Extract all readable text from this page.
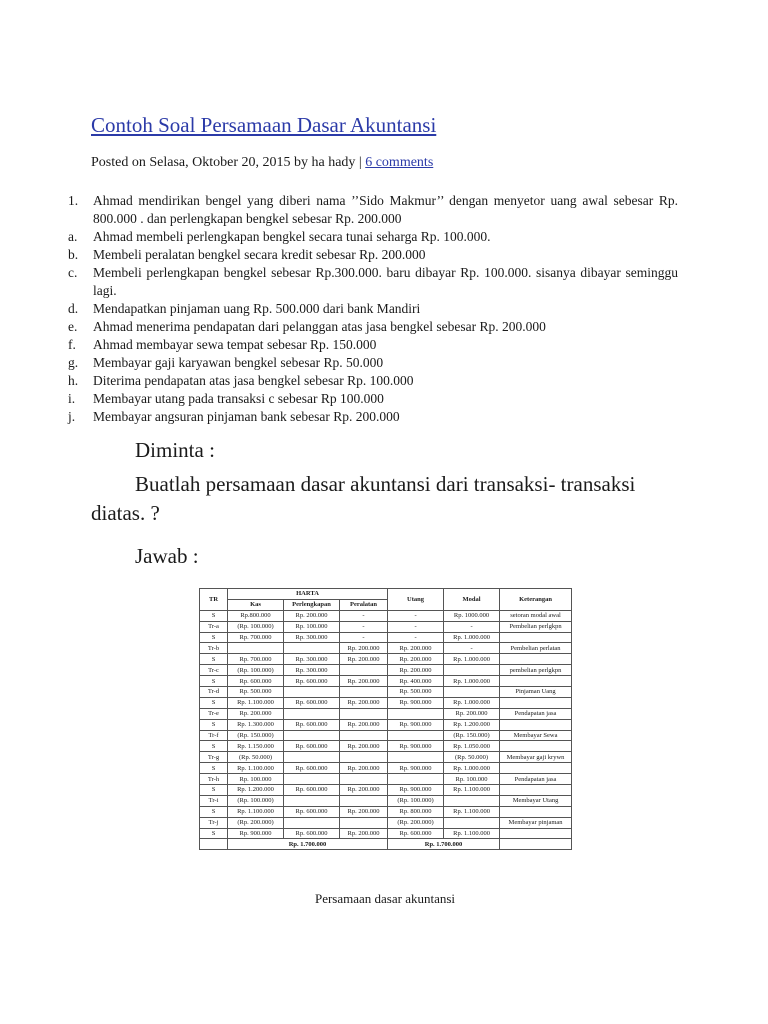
Contoh Soal Persamaan Dasar Akuntansi
Posted on Selasa, Oktober 20, 2015 by ha hady | 6 comments
1.	Ahmad mendirikan bengel yang diberi nama ’’Sido Makmur’’ dengan menyetor uang awal sebesar Rp. 800.000 . dan perlengkapan bengkel sebesar Rp. 200.000
a.	Ahmad membeli perlengkapan bengkel secara tunai seharga Rp. 100.000.
b.	Membeli peralatan bengkel secara kredit sebesar Rp. 200.000
c.	Membeli perlengkapan bengkel sebesar Rp.300.000. baru dibayar Rp. 100.000. sisanya dibayar seminggu lagi.
d.	Mendapatkan pinjaman uang Rp. 500.000 dari bank Mandiri
e.	Ahmad menerima pendapatan dari pelanggan atas jasa bengkel sebesar Rp. 200.000
f.	Ahmad membayar sewa tempat sebesar Rp. 150.000
g.	Membayar gaji karyawan bengkel sebesar Rp. 50.000
h.	Diterima pendapatan atas jasa bengkel sebesar Rp. 100.000
i.	Membayar utang pada transaksi c sebesar Rp 100.000
j.	Membayar angsuran pinjaman bank sebesar Rp. 200.000
Diminta :
Buatlah persamaan dasar akuntansi dari transaksi- transaksi diatas. ?
Jawab :
TR	HARTA			Utang	Modal	Keterangan
	Kas	Perlengkapan	Peralatan			
S	Rp.800.000	Rp. 200.000	-	-	Rp. 1000.000	setoran modal awal
Tr-a	(Rp. 100.000)	Rp. 100.000	-	-	-	Pembelian perlgkpn
S	Rp. 700.000	Rp. 300.000	-	-	Rp. 1.000.000	
Tr-b			Rp. 200.000	Rp. 200.000	-	Pembelian perlatan
S	Rp. 700.000	Rp. 300.000	Rp. 200.000	Rp. 200.000	Rp. 1.000.000	
Tr-c	(Rp. 100.000)	Rp. 300.000		Rp. 200.000		pembelian perlgkpn
S	Rp. 600.000	Rp. 600.000	Rp. 200.000	Rp. 400.000	Rp. 1.000.000	
Tr-d	Rp. 500.000			Rp. 500.000		Pinjaman Uang
S	Rp. 1.100.000	Rp. 600.000	Rp. 200.000	Rp. 900.000	Rp. 1.000.000	
Tr-e	Rp. 200.000				Rp. 200.000	Pendapatan jasa
S	Rp. 1.300.000	Rp. 600.000	Rp. 200.000	Rp. 900.000	Rp. 1.200.000	
Tr-f	(Rp. 150.000)				(Rp. 150.000)	Membayar Sewa
S	Rp. 1.150.000	Rp. 600.000	Rp. 200.000	Rp. 900.000	Rp. 1.050.000	
Tr-g	(Rp. 50.000)				(Rp. 50.000)	Membayar gaji krywn
S	Rp. 1.100.000	Rp. 600.000	Rp. 200.000	Rp. 900.000	Rp. 1.000.000	
Tr-h	Rp. 100.000				Rp. 100.000	Pendapatan jasa
S	Rp. 1.200.000	Rp. 600.000	Rp. 200.000	Rp. 900.000	Rp. 1.100.000	
Tr-i	(Rp. 100.000)			(Rp. 100.000)		Membayar Utang
S	Rp. 1.100.000	Rp. 600.000	Rp. 200.000	Rp. 800.000	Rp. 1.100.000	
Tr-j	(Rp. 200.000)			(Rp. 200.000)		Membayar pinjaman
S	Rp. 900.000	Rp. 600.000	Rp. 200.000	Rp. 600.000	Rp. 1.100.000	
	Rp. 1.700.000			Rp. 1.700.000		
Persamaan dasar akuntansi
